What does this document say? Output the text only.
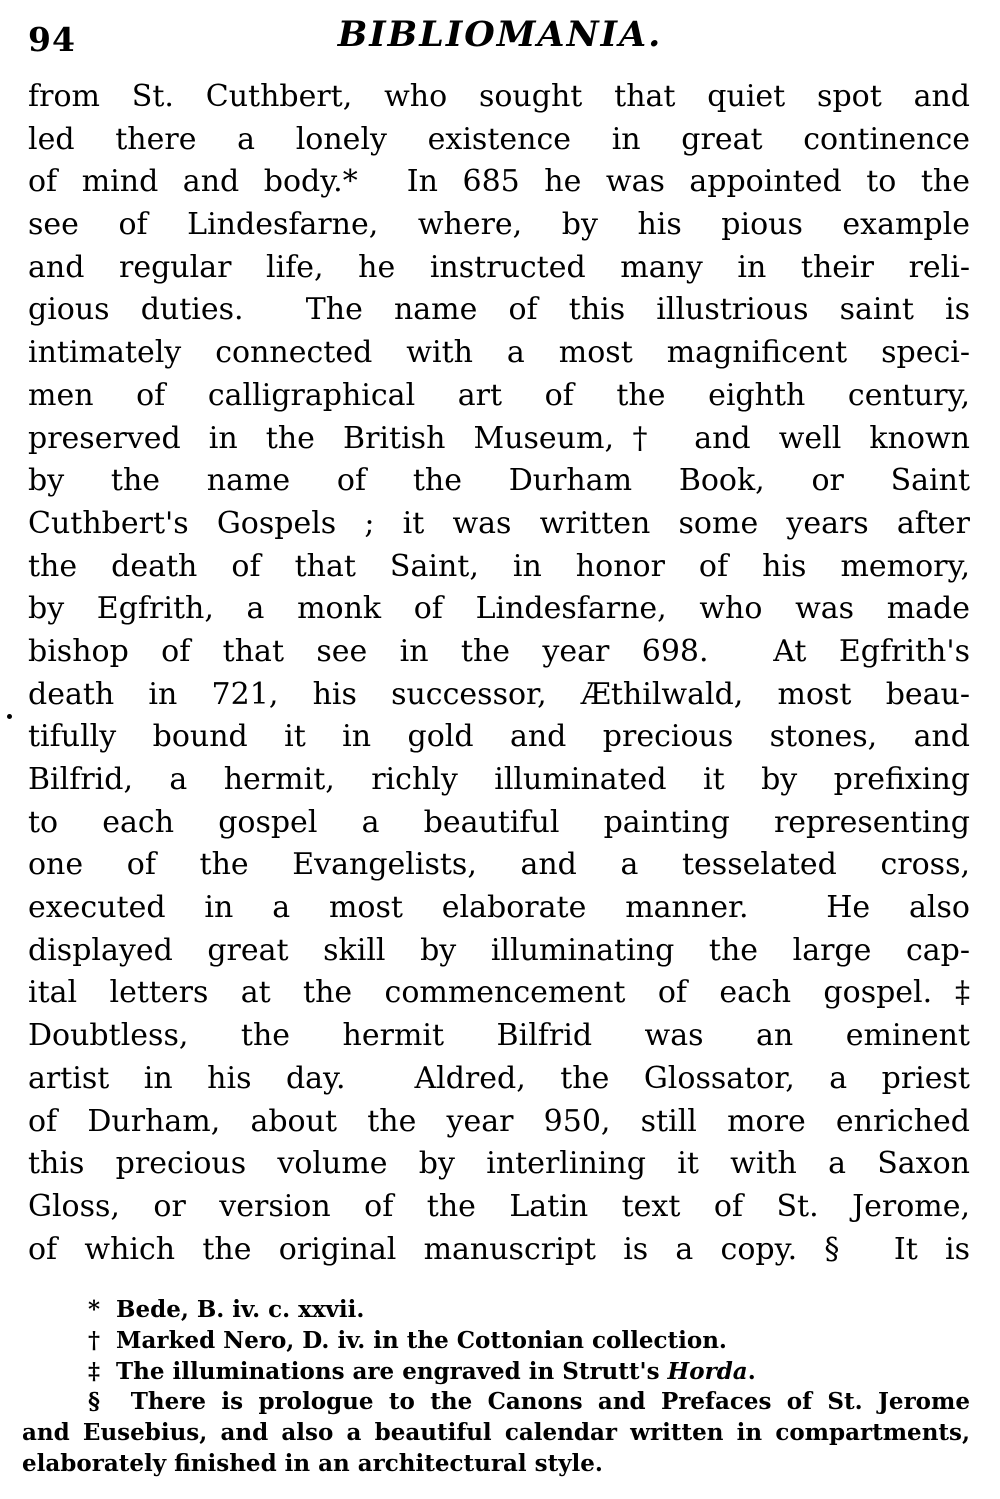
94	BIBLIOMANIA.
from St. Cuthbert, who sought that quiet spot and
led there a lonely existence in great continence
of mind and body.*  In 685 he was appointed to the
see of Lindesfarne, where, by his pious example
and regular life, he instructed many in their reli-
gious duties.  The name of this illustrious saint is
intimately connected with a most magnificent speci-
men of calligraphical art of the eighth century,
preserved in the British Museum,† and well known
by the name of the Durham Book, or Saint
Cuthbert's Gospels ; it was written some years after
the death of that Saint, in honor of his memory,
by Egfrith, a monk of Lindesfarne, who was made
bishop of that see in the year 698.  At Egfrith's
death in 721, his successor, Æthilwald, most beau-
tifully bound it in gold and precious stones, and
Bilfrid, a hermit, richly illuminated it by prefixing
to each gospel a beautiful painting representing
one of the Evangelists, and a tesselated cross,
executed in a most elaborate manner.  He also
displayed great skill by illuminating the large cap-
ital letters at the commencement of each gospel.‡
Doubtless, the hermit Bilfrid was an eminent
artist in his day.  Aldred, the Glossator, a priest
of Durham, about the year 950, still more enriched
this precious volume by interlining it with a Saxon
Gloss, or version of the Latin text of St. Jerome,
of which the original manuscript is a copy. §  It is
*  Bede, B. iv. c. xxvii.
†  Marked Nero, D. iv. in the Cottonian collection.
‡  The illuminations are engraved in Strutt's Horda.
§  There is prologue to the Canons and Prefaces of St. Jerome
and Eusebius, and also a beautiful calendar written in compartments,
elaborately finished in an architectural style.
